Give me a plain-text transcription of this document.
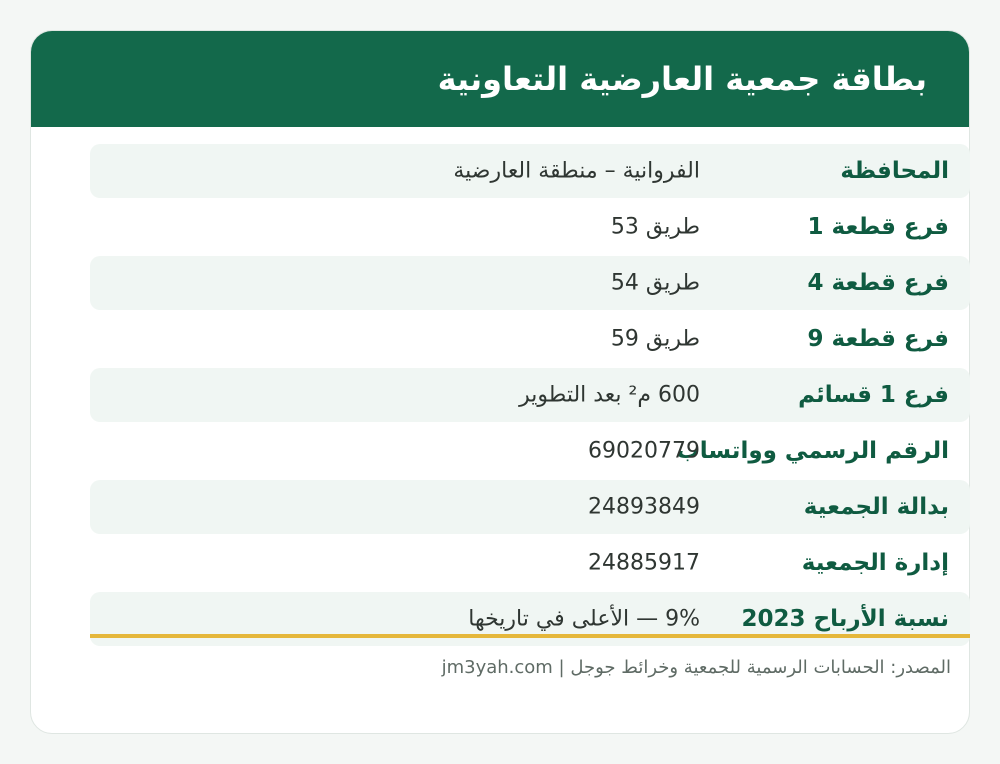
بطاقة جمعية العارضية التعاونية
المحافظة
الفروانية – منطقة العارضية
فرع قطعة 1
طريق 53
فرع قطعة 4
طريق 54
فرع قطعة 9
طريق 59
فرع 1 قسائم
600 م² بعد التطوير
الرقم الرسمي وواتساب
69020779
بدالة الجمعية
24893849
إدارة الجمعية
24885917
نسبة الأرباح 2023
9% — الأعلى في تاريخها
المصدر: الحسابات الرسمية للجمعية وخرائط جوجل | jm3yah.com
